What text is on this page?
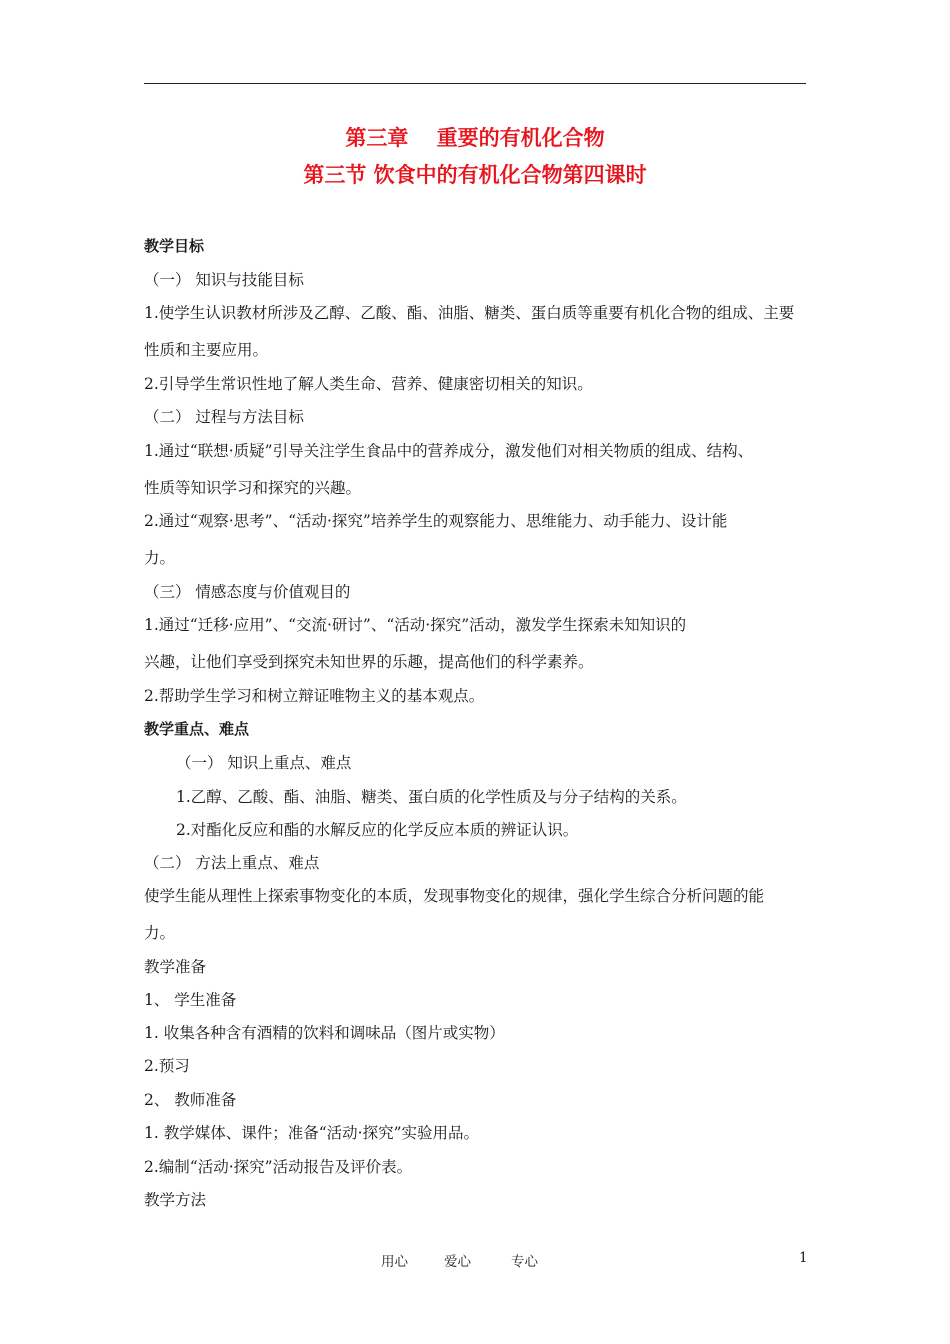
第三章　 重要的有机化合物
第三节 饮食中的有机化合物第四课时
教学目标
（一） 知识与技能目标
1.使学生认识教材所涉及乙醇、乙酸、酯、油脂、糖类、蛋白质等重要有机化合物的组成、主要
性质和主要应用。
2.引导学生常识性地了解人类生命、营养、健康密切相关的知识。
（二） 过程与方法目标
1.通过“联想·质疑”引导关注学生食品中的营养成分，激发他们对相关物质的组成、结构、
性质等知识学习和探究的兴趣。
2.通过“观察·思考”、“活动·探究”培养学生的观察能力、思维能力、动手能力、设计能
力。
（三） 情感态度与价值观目的
1.通过“迁移·应用”、“交流·研讨”、“活动·探究”活动，激发学生探索未知知识的
兴趣，让他们享受到探究未知世界的乐趣，提高他们的科学素养。
2.帮助学生学习和树立辩证唯物主义的基本观点。
教学重点、难点
（一） 知识上重点、难点
1.乙醇、乙酸、酯、油脂、糖类、蛋白质的化学性质及与分子结构的关系。
2.对酯化反应和酯的水解反应的化学反应本质的辨证认识。
（二） 方法上重点、难点
使学生能从理性上探索事物变化的本质，发现事物变化的规律，强化学生综合分析问题的能
力。
教学准备
1、 学生准备
1. 收集各种含有酒精的饮料和调味品（图片或实物）
2.预习
2、 教师准备
1. 教学媒体、课件；准备“活动·探究”实验用品。
2.编制“活动·探究”活动报告及评价表。
教学方法
用心	爱心	专心	1
